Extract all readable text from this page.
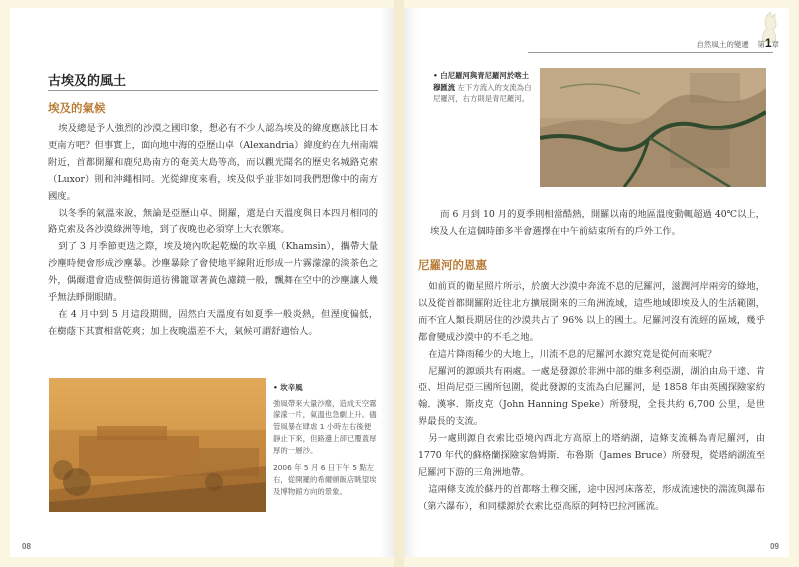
自然風土的變遷 第1章
古埃及的風土
埃及的氣候

埃及總是予人強烈的沙漠之國印象，想必有不少人認為埃及的緯度應該比日本更南方吧？但事實上，面向地中海的亞歷山卓（Alexandria）緯度約在九州南端附近，首都開羅和鹿兒島南方的奄美大島等高，而以觀光聞名的歷史名城路克索（Luxor）則和沖繩相同。光從緯度來看，埃及似乎並非如同我們想像中的南方國度。

以冬季的氣溫來說，無論是亞歷山卓、開羅，還是白天溫度與日本四月相同的路克索及各沙漠綠洲等地，到了夜晚也必須穿上大衣禦寒。

到了 3 月季節更迭之際，埃及境內吹起乾燥的坎辛風（Khamsin），攜帶大量沙塵時便會形成沙塵暴。沙塵暴除了會使地平線附近形成一片霧濛濛的淡茶色之外，偶爾還會造成整個街道彷彿籠罩著黃色濾鏡一般，飄舞在空中的沙塵讓人幾乎無法睜開眼睛。

在 4 月中到 5 月這段期間，固然白天溫度有如夏季一般炎熱，但溼度偏低，在樹蔭下其實相當乾爽；加上夜晚溫差不大，氣候可謂舒適怡人。

• 坎辛風
強風帶來大量沙塵，造成天空霧濛濛一片，氣溫也急劇上升。儘管風暴在肆虐 1 小時左右後便靜止下來，但路邊上卻已覆蓋厚厚的一層沙。
2006 年 5 月 6 日下午 5 點左右，從開羅的希爾頓飯店眺望埃及博物館方向的景象。
• 白尼羅河與青尼羅河於喀土穆匯流 左下方流入的支流為白尼羅河，右方則是青尼羅河。

而 6 月到 10 月的夏季則相當酷熱，開羅以南的地區溫度動輒超過 40℃以上，埃及人在這個時節多半會選擇在中午前結束所有的戶外工作。

尼羅河的恩惠

如前頁的衛星照片所示，於廣大沙漠中奔流不息的尼羅河，滋潤河岸兩旁的綠地，以及從首都開羅附近往北方擴展開來的三角洲流域，這些地域即埃及人的生活範圍，而不宜人類長期居住的沙漠共占了 96% 以上的國土。尼羅河沒有流經的區域，幾乎都會變成沙漠中的不毛之地。

在這片降雨稀少的大地上，川流不息的尼羅河水源究竟是從何而來呢？

尼羅河的源頭共有兩處。一處是發源於非洲中部的維多利亞湖，湖泊由烏干達、肯亞、坦尚尼亞三國所包圍，從此發源的支流為白尼羅河，是 1858 年由英國探險家約翰．漢寧．斯皮克（John Hanning Speke）所發現，全長共約 6,700 公里，是世界最長的支流。

另一處則源自衣索比亞境內西北方高原上的塔納湖，這條支流稱為青尼羅河，由 1770 年代的蘇格蘭探險家詹姆斯．布魯斯（James Bruce）所發現，從塔納湖流至尼羅河下游的三角洲地帶。

這兩條支流於蘇丹的首都喀土穆交匯，途中因河床落差，形成流速快的湍流與瀑布（第六瀑布），和同樣源於衣索比亞高原的阿特巴拉河匯流。

08	09
